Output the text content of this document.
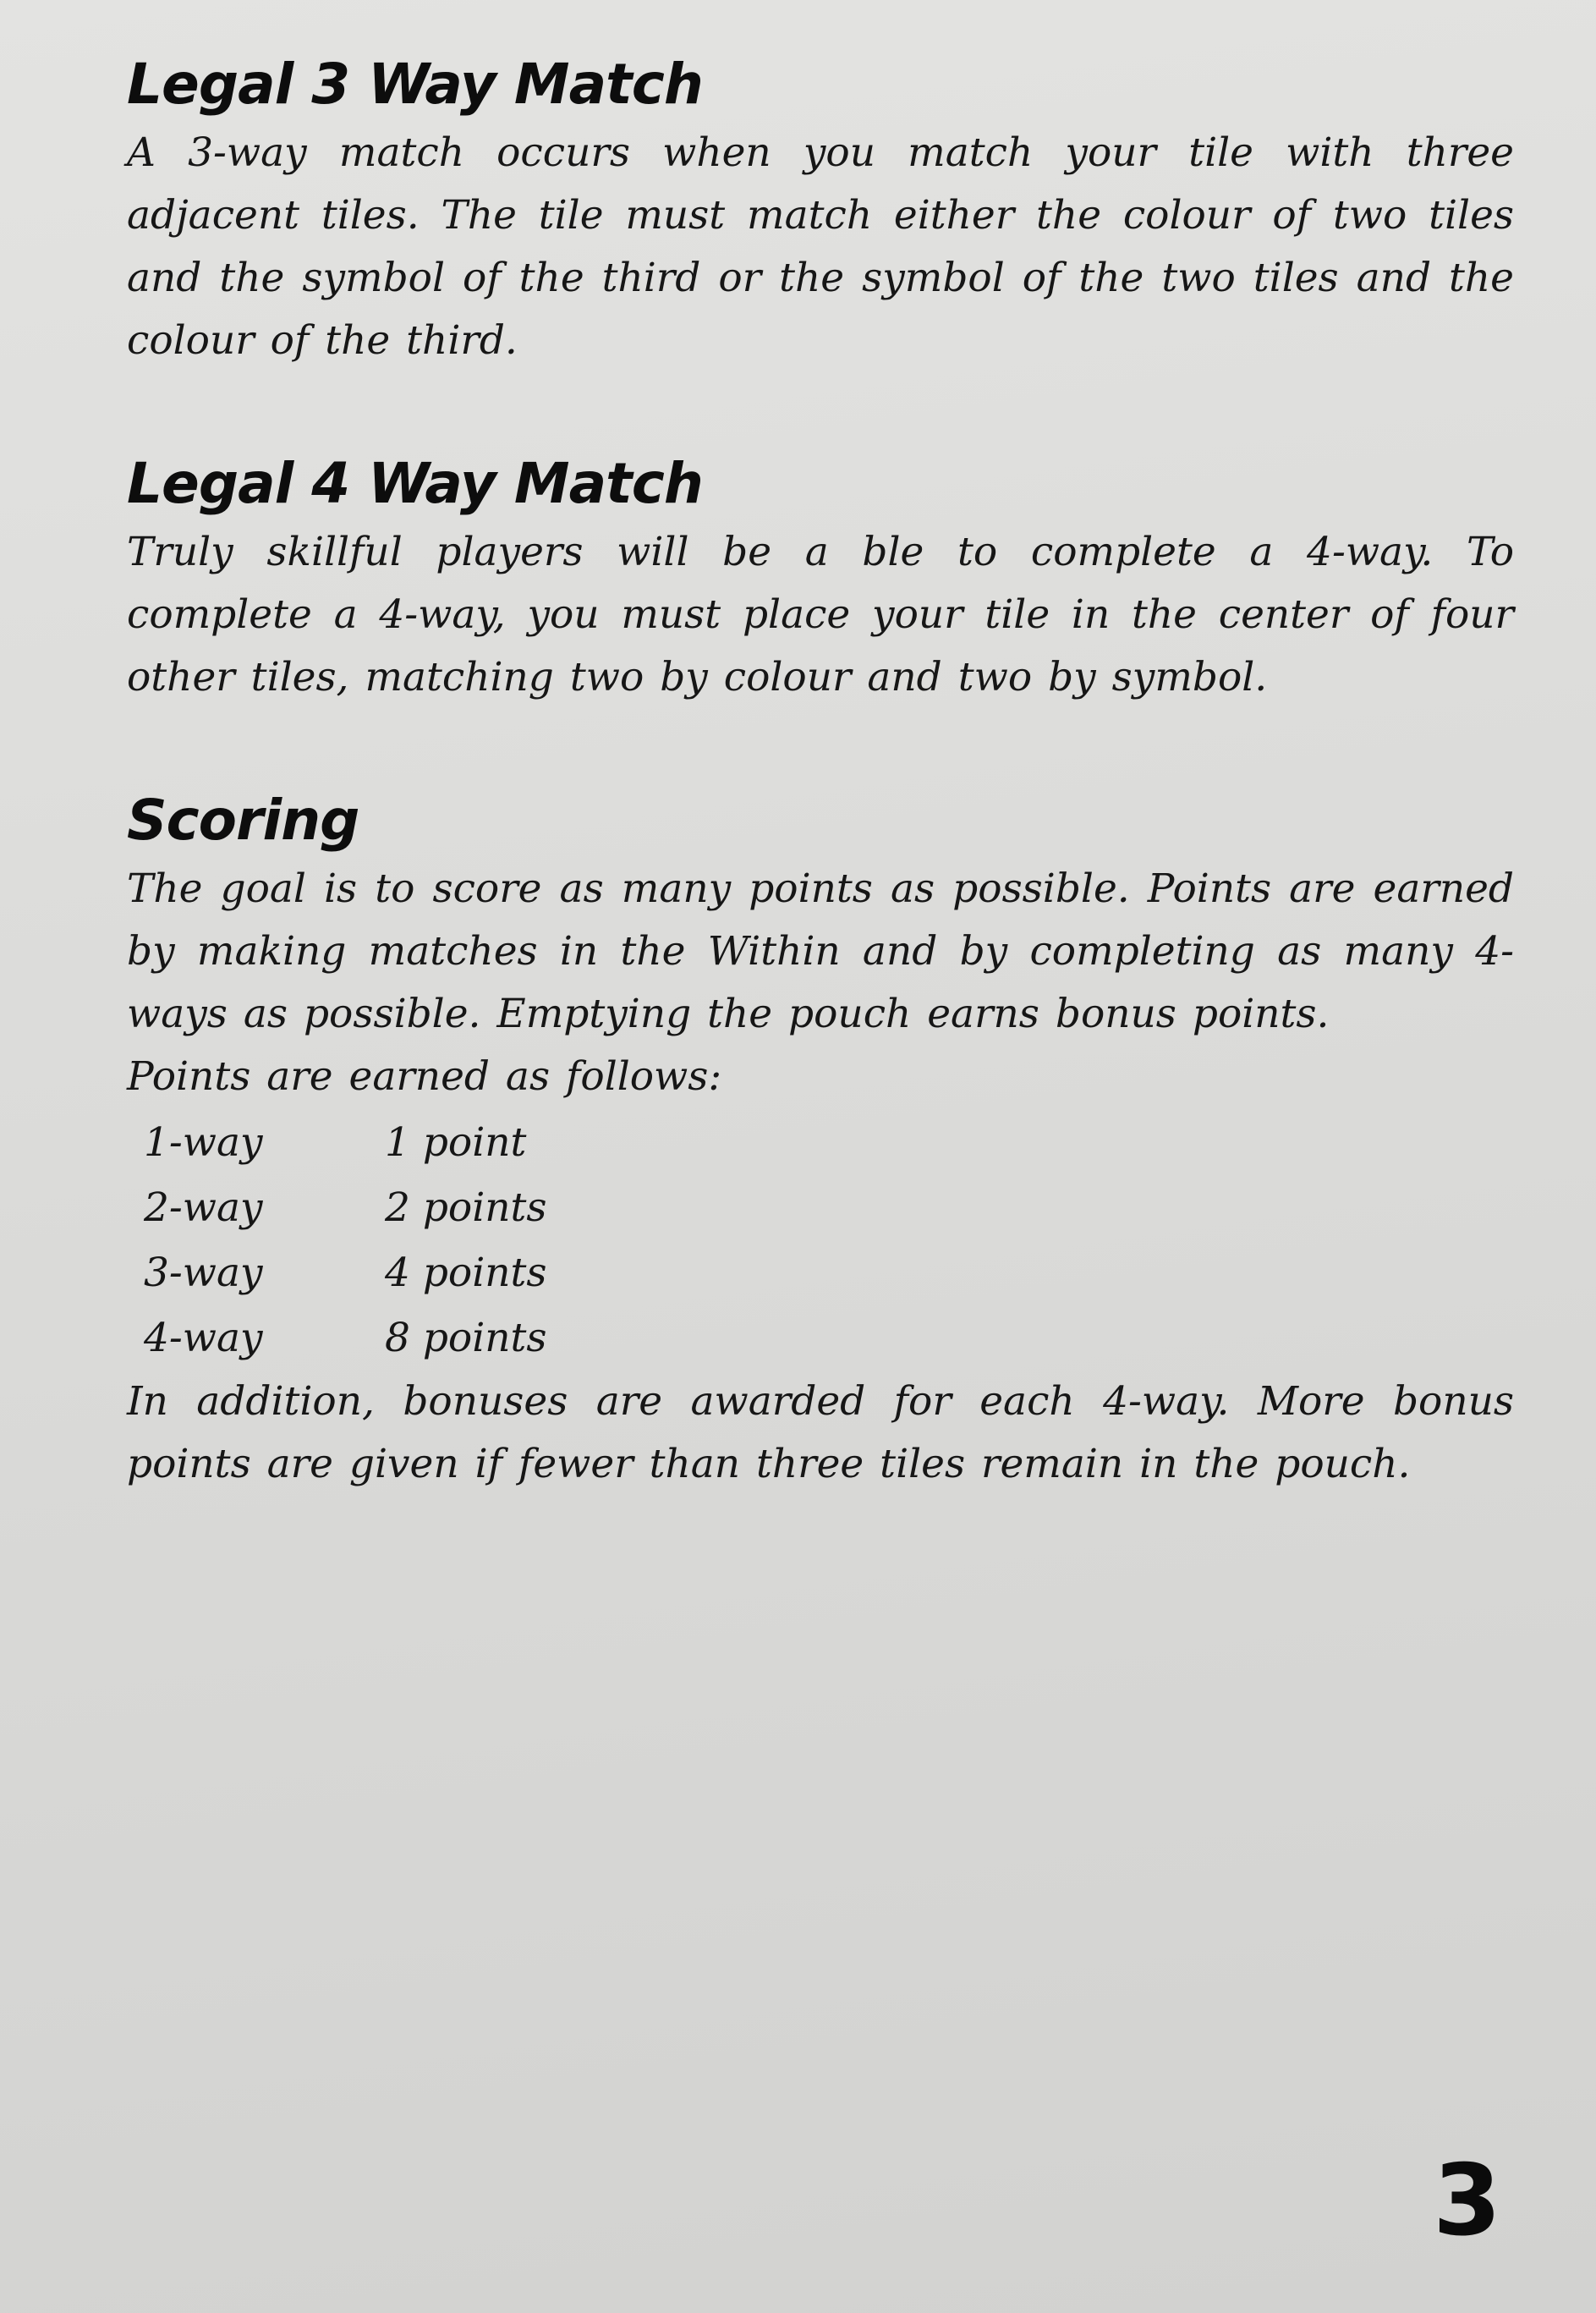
Legal 3 Way Match

A 3-way match occurs when you match your tile with three adjacent tiles. The tile must match either the colour of two tiles and the symbol of the third or the symbol of the two tiles and the colour of the third.

Legal 4 Way Match

Truly skillful players will be a ble to complete a 4-way. To complete a 4-way, you must place your tile in the center of four other tiles, matching two by colour and two by symbol.

Scoring

The goal is to score as many points as possible. Points are earned by making matches in the Within and by completing as many 4-ways as possible. Emptying the pouch earns bonus points.

Points are earned as follows:

1-way	1 point
2-way	2 points
3-way	4 points
4-way	8 points

In addition, bonuses are awarded for each 4-way. More bonus points are given if fewer than three tiles remain in the pouch.

3
